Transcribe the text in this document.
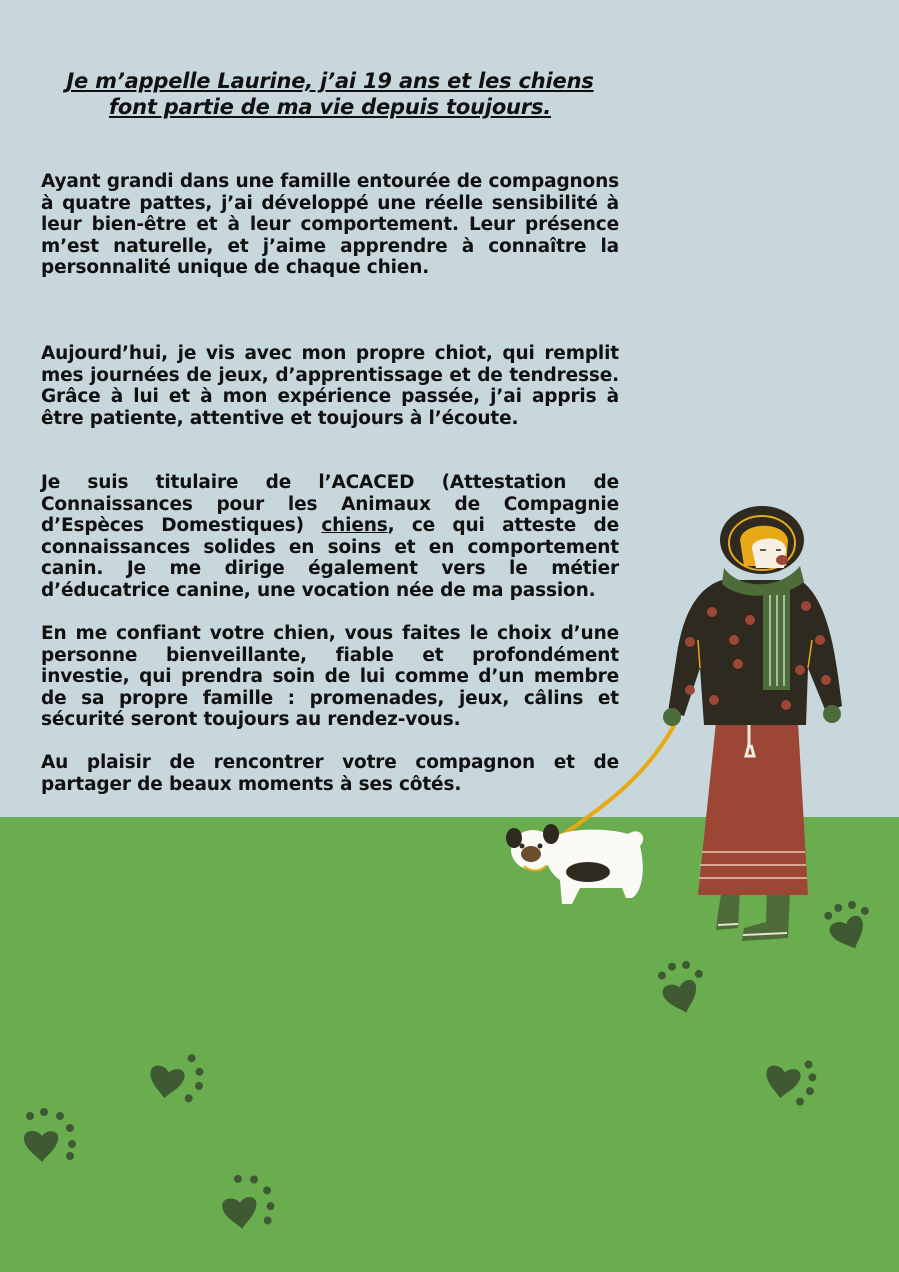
Je m’appelle Laurine, j’ai 19 ans et les chiens
font partie de ma vie depuis toujours.

Ayant grandi dans une famille entourée de compagnons à quatre pattes, j’ai développé une réelle sensibilité à leur bien-être et à leur comportement. Leur présence m’est naturelle, et j’aime apprendre à connaître la personnalité unique de chaque chien.

Aujourd’hui, je vis avec mon propre chiot, qui remplit mes journées de jeux, d’apprentissage et de tendresse. Grâce à lui et à mon expérience passée, j’ai appris à être patiente, attentive et toujours à l’écoute.

Je suis titulaire de l’ACACED (Attestation de Connaissances pour les Animaux de Compagnie d’Espèces Domestiques) chiens, ce qui atteste de connaissances solides en soins et en comportement canin. Je me dirige également vers le métier d’éducatrice canine, une vocation née de ma passion.

En me confiant votre chien, vous faites le choix d’une personne bienveillante, fiable et profondément investie, qui prendra soin de lui comme d’un membre de sa propre famille : promenades, jeux, câlins et sécurité seront toujours au rendez-vous.

Au plaisir de rencontrer votre compagnon et de partager de beaux moments à ses côtés.
